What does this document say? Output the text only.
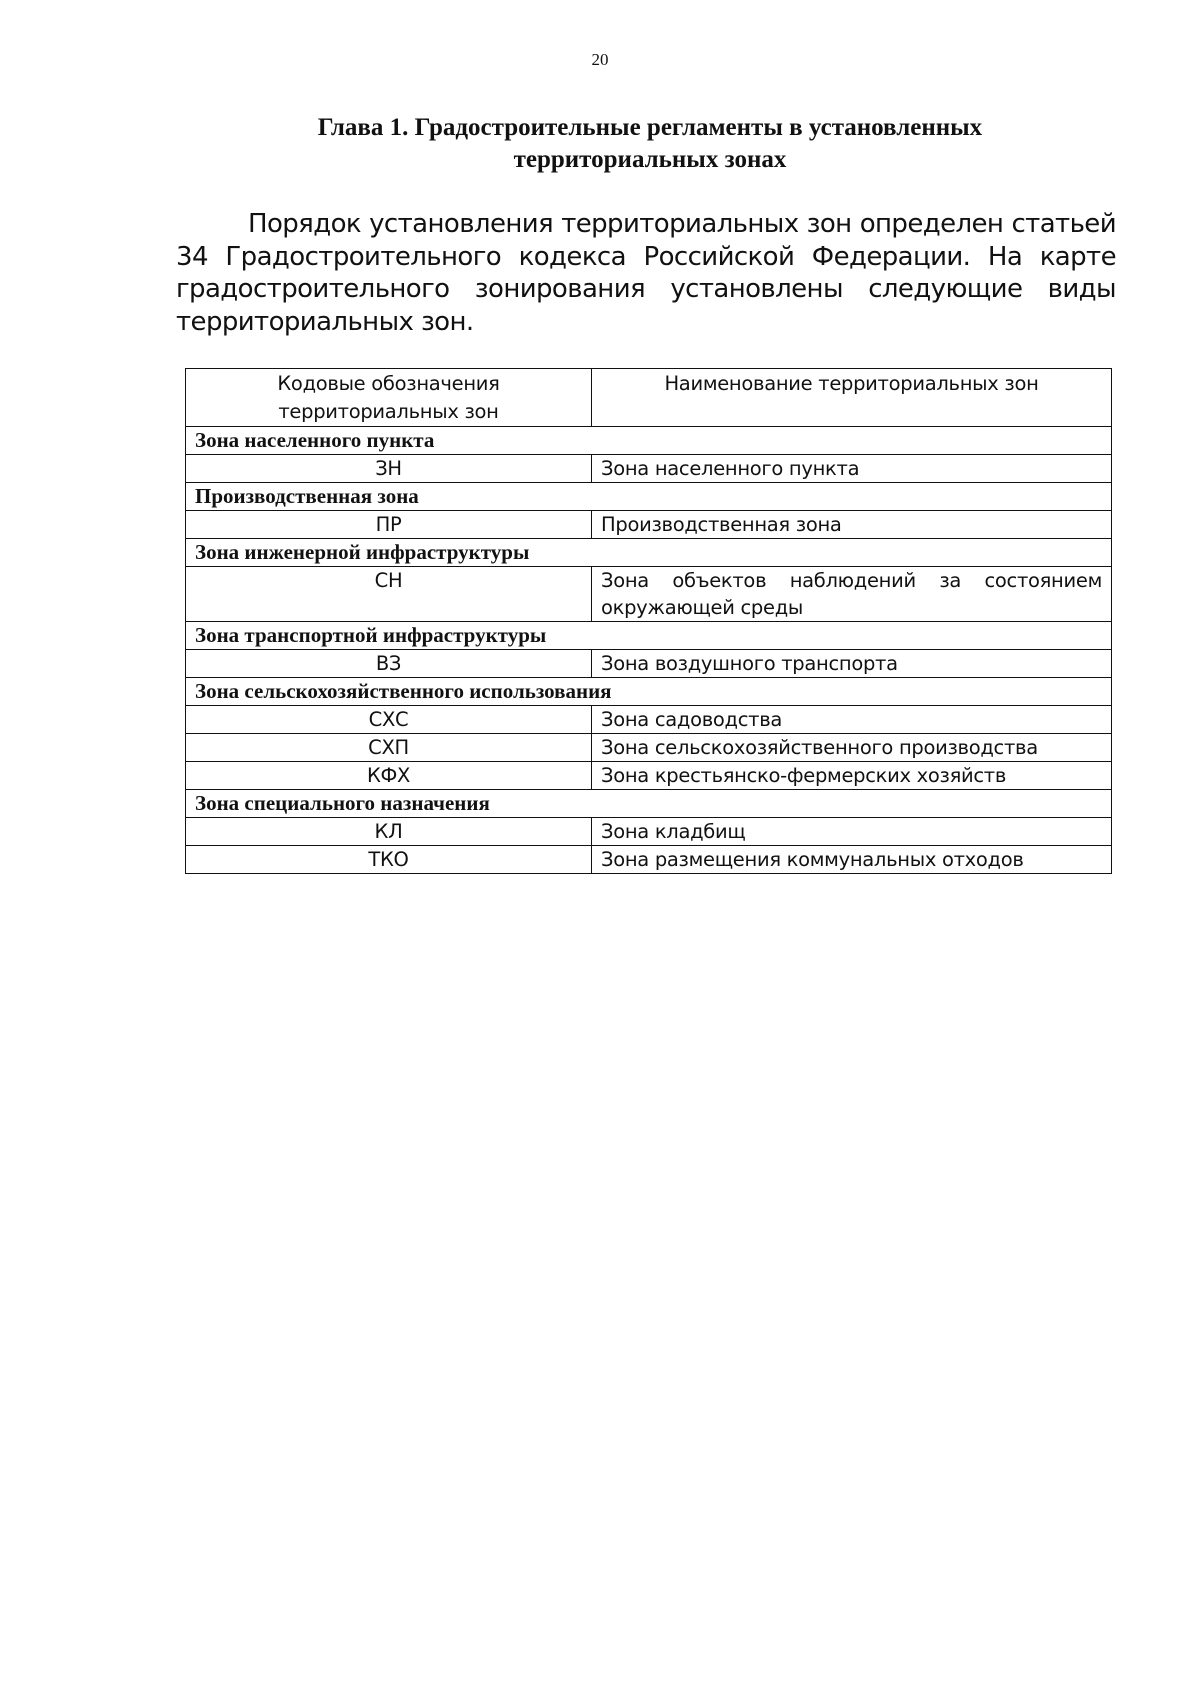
20
Глава 1. Градостроительные регламенты в установленных
территориальных зонах

Порядок установления территориальных зон определен статьей 34 Градостроительного кодекса Российской Федерации. На карте градостроительного зонирования установлены следующие виды территориальных зон.

Кодовые обозначения территориальных зон	Наименование территориальных зон
Зона населенного пункта	
ЗН	Зона населенного пункта
Производственная зона	
ПР	Производственная зона
Зона инженерной инфраструктуры	
СН	Зона объектов наблюдений за состоянием окружающей среды
Зона транспортной инфраструктуры	
ВЗ	Зона воздушного транспорта
Зона сельскохозяйственного использования	
СХС	Зона садоводства
СХП	Зона сельскохозяйственного производства
КФХ	Зона крестьянско-фермерских хозяйств
Зона специального назначения	
КЛ	Зона кладбищ
ТКО	Зона размещения коммунальных отходов
